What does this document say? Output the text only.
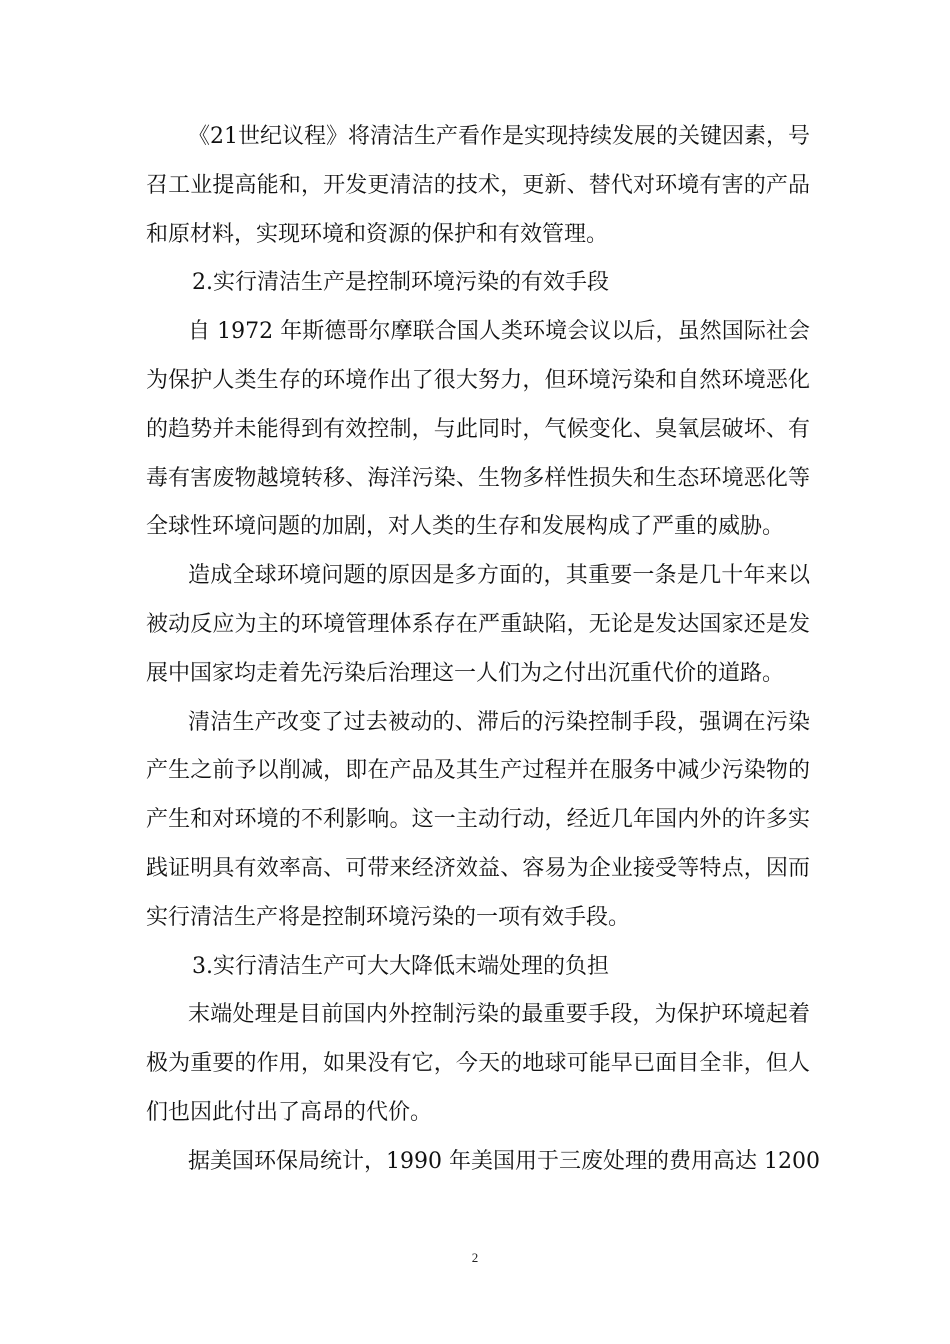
《21世纪议程》将清洁生产看作是实现持续发展的关键因素，号
召工业提高能和，开发更清洁的技术，更新、替代对环境有害的产品
和原材料，实现环境和资源的保护和有效管理。
2.实行清洁生产是控制环境污染的有效手段
自 1972 年斯德哥尔摩联合国人类环境会议以后，虽然国际社会
为保护人类生存的环境作出了很大努力，但环境污染和自然环境恶化
的趋势并未能得到有效控制，与此同时，气候变化、臭氧层破坏、有
毒有害废物越境转移、海洋污染、生物多样性损失和生态环境恶化等
全球性环境问题的加剧，对人类的生存和发展构成了严重的威胁。
造成全球环境问题的原因是多方面的，其重要一条是几十年来以
被动反应为主的环境管理体系存在严重缺陷，无论是发达国家还是发
展中国家均走着先污染后治理这一人们为之付出沉重代价的道路。
清洁生产改变了过去被动的、滞后的污染控制手段，强调在污染
产生之前予以削减，即在产品及其生产过程并在服务中减少污染物的
产生和对环境的不利影响。这一主动行动，经近几年国内外的许多实
践证明具有效率高、可带来经济效益、容易为企业接受等特点，因而
实行清洁生产将是控制环境污染的一项有效手段。
3.实行清洁生产可大大降低末端处理的负担
末端处理是目前国内外控制污染的最重要手段，为保护环境起着
极为重要的作用，如果没有它，今天的地球可能早已面目全非，但人
们也因此付出了高昂的代价。
据美国环保局统计，1990 年美国用于三废处理的费用高达 1200
2
